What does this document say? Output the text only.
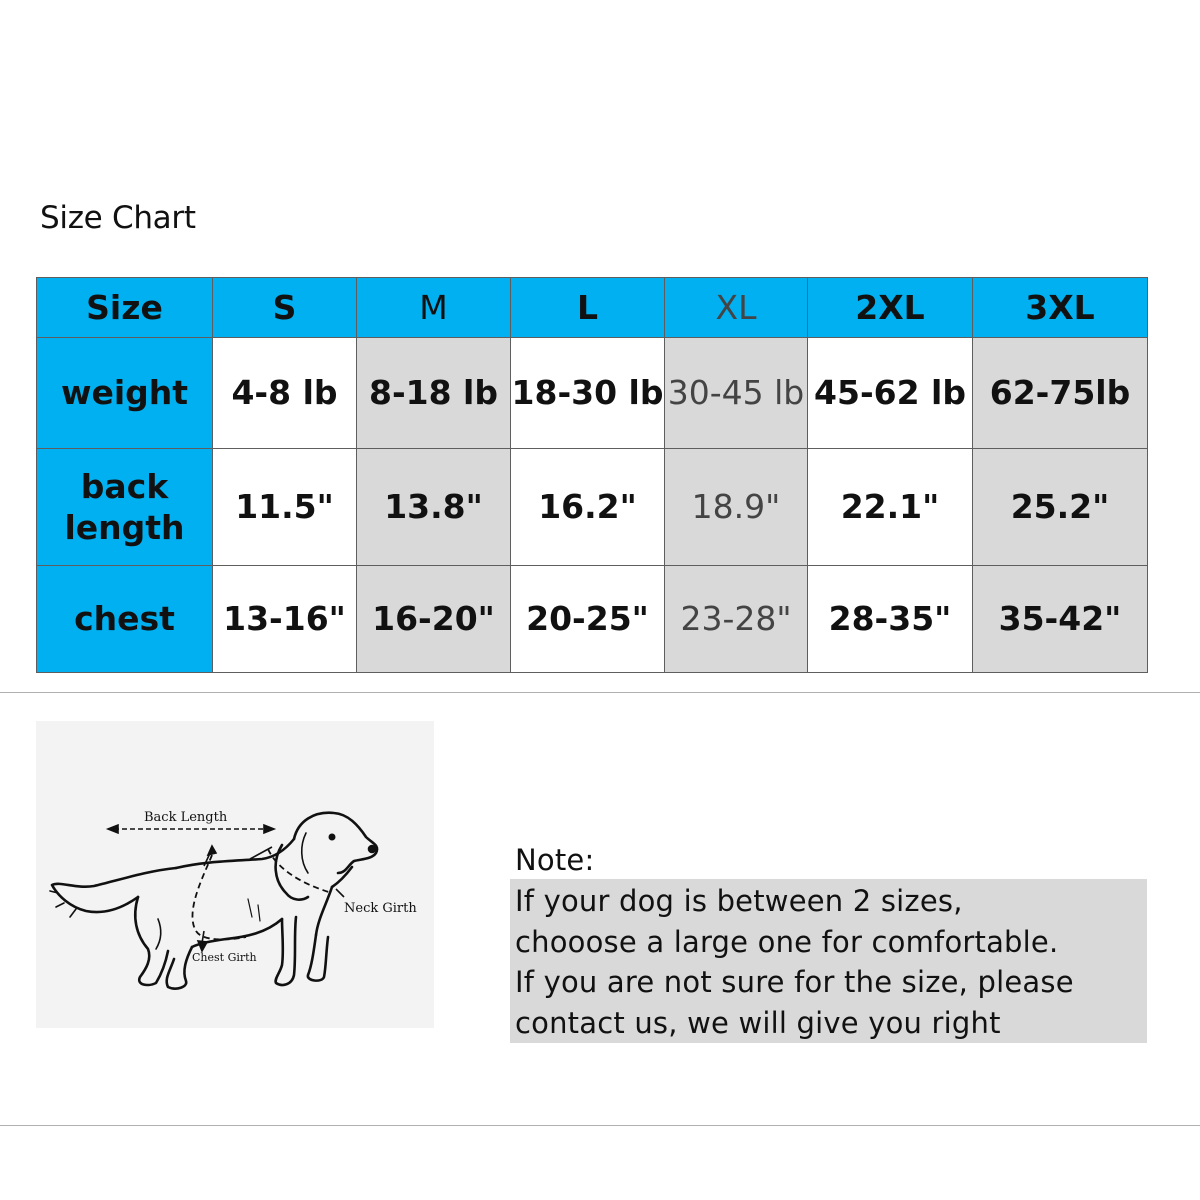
Size Chart
Size	S	M	L	XL	2XL	3XL
weight	4-8 lb	8-18 lb	18-30 lb	30-45 lb	45-62 lb	62-75lb
back
length	11.5"	13.8"	16.2"	18.9"	22.1"	25.2"
chest	13-16"	16-20"	20-25"	23-28"	28-35"	35-42"
Back Length
Neck Girth
Chest Girth
Note:
If your dog is between 2 sizes,
chooose a large one for comfortable.
If you are not sure for the size, please
contact us, we will give you right
